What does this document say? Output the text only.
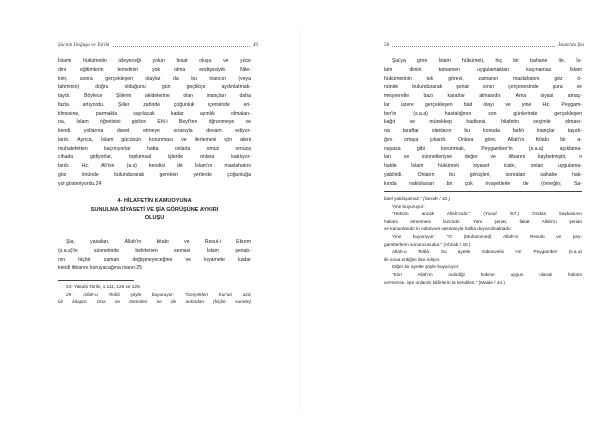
Şia'nın Doğuşu ve Tarihi	49
İslami hükümetin izleyeceği yolun fesat oluşu ve yüce
dini eğitimlerin temelinin yok olma endişesiydi. Nite-
kim; sonra gerçekleşen olaylar da bu inancın (veya
tahminin) doğru olduğunu gün geçtikçe aydınlatmak-
taydı. Böylece Şiilerin akidelerine olan inançları daha
fazla artıyordu. Şiiler zahirde çoğunluk içerisinde eri-
tilmesine, parmakla sayılacak kadar azınlık olmaları-
na, İslam öğretisini gizlice Ehl-i Beyt'ten öğrenmeye ve
kendi yollarına davet etmeye sırasıyla devam ediyor-
lardı. Ayrıca, İslam gücünün korunması ve ilerlemesi için aleni
muhalefetten kaçınıyorlar hatta onlarla omuz omuza
cihada gidiyorlar, toplumsal işlerde onlara katılıyor-
lardı. Hz. Ali'nin (a.s) kendisi de İslam'ın maslahatını
göz önünde bulundurarak gereken yerlerde çoğunluğa
yol gösteriyordu.24
4- HİLAFETİN KAMUOYUNA
SUNULMA SİYASETİ VE ŞİA GÖRÜŞÜNE AYKIRI
OLUŞU
Şia, yasaları, Allah'ın kitabı ve Resul-i Ekrem
(s.a.a)'in sünnetinde belirlenen semavi İslam şeriatı-
nın hiçbir zaman değişmeyeceğine ve kıyamete kadar
kendi itibarını koruyacağına inanır.25
24- Yakubi Tarihi, s.111, 126 ve 129.
25- Allah-u Teâlâ şöyle buyuruyor: "Gerçekten Kur'an aziz
bir kitaptır. Ona ne önünden ne de ardından (hiçbir surette)
50	İslam'da Şia
Şia'ya göre İslam hükümeti, hiç bir bahane ile, İs-
lam dinini tamamen uygulamaktan kaçınamaz. İslam
hükümetinin tek görevi, zamanın maslahatını göz ö-
nünde bulundurarak şeriat sınırı çerçevesinde şura ve
meşveretle bazı kararlar almasıdır. Ama siyasi amaç-
lar üzere gerçekleşen biat olayı ve yine Hz. Peygam-
ber'in (s.a.a) hastalığının son günlerinde gerçekleşen
kağıt ve mürekkep hadisesi, hilafetin seçimle olması-
na taraftar olanların bu konuda farklı inançlar taşıdı-
ğını ortaya çıkardı. Onlara göre, Allah'ın Kitabı bir a-
nayasa gibi korunmalı, Peygamber'in (s.a.a) açıklama-
ları ve sünnetleriyse değer ve itibarını kaybetmiştir, o
halde İslam hükümeti siyaset icabı, onları uygulama-
yabilirdi. Onların bu görüşleri, sonraları sahabe hak-
kında naklolunan bir çok rivayetlerle de (örneğin; Sa-
batıl yaklaşamaz." (Secde / 42.)
Yine buyuruyor:
"Hüküm ancak Allah'ındır." (Yusuf /67.) Ondan başkasının
hüküm etmemesi lazımdır. Yani şeriat, fakat Allah'ın şeriatı
ve kanunlarıdır ki nübüvvet vasıtasıyla halka duyurulmaktadır.
Yine buyuruyor: "O (Muhammed) Allah'ın Resulü ve pey-
gamberlerin sonuncusudur." (Ahzab / 40.)
Allah-u Teâlâ, bu ayetle nübüvvetin Hz. Peygamber (s.a.a)
ile sona erdiğini ilan ediyor.
Diğer bir ayette şöyle buyuruyor:
"Kim Allah'ın indirdiği hükme uygun olarak hüküm
vermezse, işte onlardır kâfirlerin ta kendileri." (Maide / 44.)
